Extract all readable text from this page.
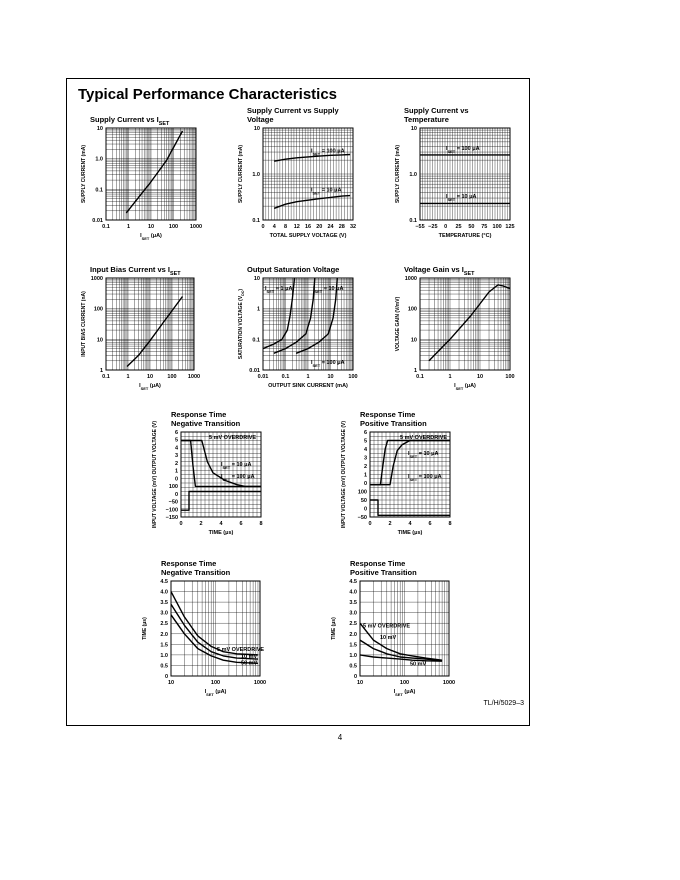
Typical Performance Characteristics
TL/H/5029–3
4
Supply Current vs $I_{SET}$
0.1	1	10	100 1000
0.01
0.1
1.0
10
$I_{SET}$ (μA)
SUPPLY CURRENT (mA)
Supply Current vs Supply
Voltage
0 4 8 12 16 20 24 28 32
0.1
1.0
10
TOTAL SUPPLY VOLTAGE (V)
SUPPLY CURRENT (mA)	$I_{SET} = 100$ μA
$I_{SET} = 10$ μA
Supply Current vs
Temperature
−55 −25 0 25 50 75 100 125
0.1
1.0
10
TEMPERATURE (°C)
SUPPLY CURRENT (mA)	$I_{SET} = 100$ μA
$I_{SET} = 10$ μA
Input Bias Current vs $I_{SET}$
0.1	1	10	100 1000
1
10
100
1000
$I_{SET}$ (μA)
INPUT BIAS CURRENT (nA)
Output Saturation Voltage
0.01 0.1	1	10	100
0.01
0.1
1
10
OUTPUT SINK CURRENT (mA)
SATURATION VOLTAGE $(V_{DC})$	$I_{SET} = 1$ μA	$I_{SET} = 10$ μA
$I_{SET} = 100$ μA
Voltage Gain vs $I_{SET}$
0.1	1	10	100
1
10
100
1000
$I_{SET}$ (μA)
VOLTAGE GAIN (V/mV)
Response Time
Negative Transition
0	2	4	6	8
−150
−100
−50
0
100
0
1
2
3
4
5
6
TIME (μs)
INPUT VOLTAGE (mV) OUTPUT VOLTAGE (V)	5 mV OVERDRIVE
$I_{SET} = 10$ μA
$I_{SET} = 100$ μA
Response Time
Positive Transition
0	2	4	6	8
−50
0
50
100
0
1
2
3
4
5
6
TIME (μs)
INPUT VOLTAGE (mV) OUTPUT VOLTAGE (V)	5 mV OVERDRIVE
$I_{SET} = 10$ μA
$I_{SET} = 100$ μA
Response Time
Negative Transition
10	100	1000
0
0.5
1.0
1.5
2.0
2.5
3.0
3.5
4.0
4.5
$I_{SET}$ (μA)
TIME (μs)
5 mV OVERDRIVE
10 mV
50 mV
Response Time
Positive Transition
10	100	1000
0
0.5
1.0
1.5
2.0
2.5
3.0
3.5
4.0
4.5
$I_{SET}$ (μA)
TIME (μs)	5 mV OVERDRIVE
10 mV
50 mV
